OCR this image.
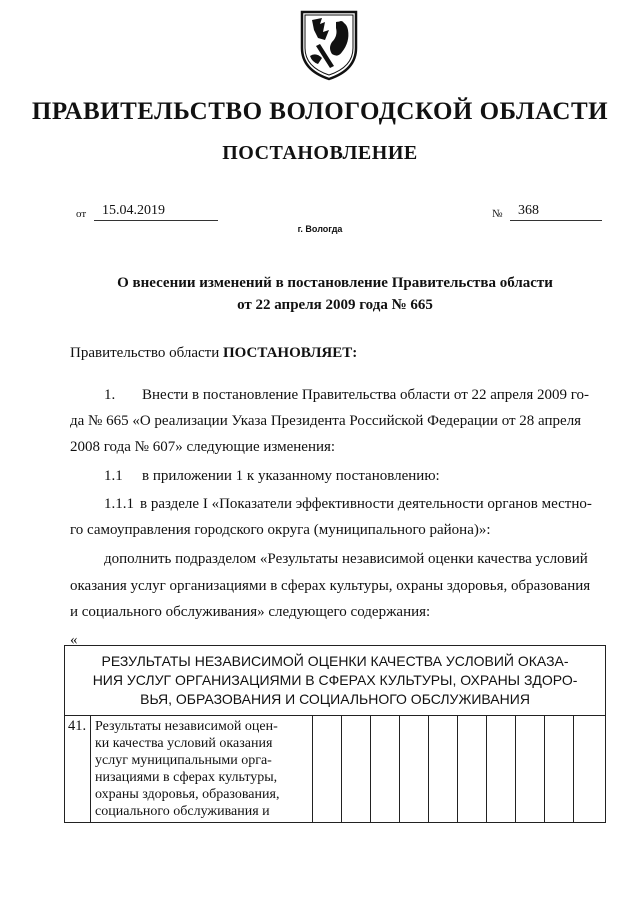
ПРАВИТЕЛЬСТВО ВОЛОГОДСКОЙ ОБЛАСТИ
ПОСТАНОВЛЕНИЕ
от	15.04.2019	№	368
г. Вологда
О внесении изменений в постановление Правительства области
от 22 апреля 2009 года № 665
Правительство области ПОСТАНОВЛЯЕТ:
1. Внести в постановление Правительства области от 22 апреля 2009 го-
да № 665 «О реализации Указа Президента Российской Федерации от 28 апреля
2008 года № 607» следующие изменения:
1.1 в приложении 1 к указанному постановлению:
1.1.1 в разделе I «Показатели эффективности деятельности органов местно-
го самоуправления городского округа (муниципального района)»:
дополнить подразделом «Результаты независимой оценки качества условий
оказания услуг организациями в сферах культуры, охраны здоровья, образования
и социального обслуживания» следующего содержания:
«
РЕЗУЛЬТАТЫ НЕЗАВИСИМОЙ ОЦЕНКИ КАЧЕСТВА УСЛОВИЙ ОКАЗА-
НИЯ УСЛУГ ОРГАНИЗАЦИЯМИ В СФЕРАХ КУЛЬТУРЫ, ОХРАНЫ ЗДОРО-
ВЬЯ, ОБРАЗОВАНИЯ И СОЦИАЛЬНОГО ОБСЛУЖИВАНИЯ

41.	Результаты независимой оцен-
ки качества условий оказания
услуг муниципальными орга-
низациями в сферах культуры,
охраны здоровья, образования,
социального обслуживания и
